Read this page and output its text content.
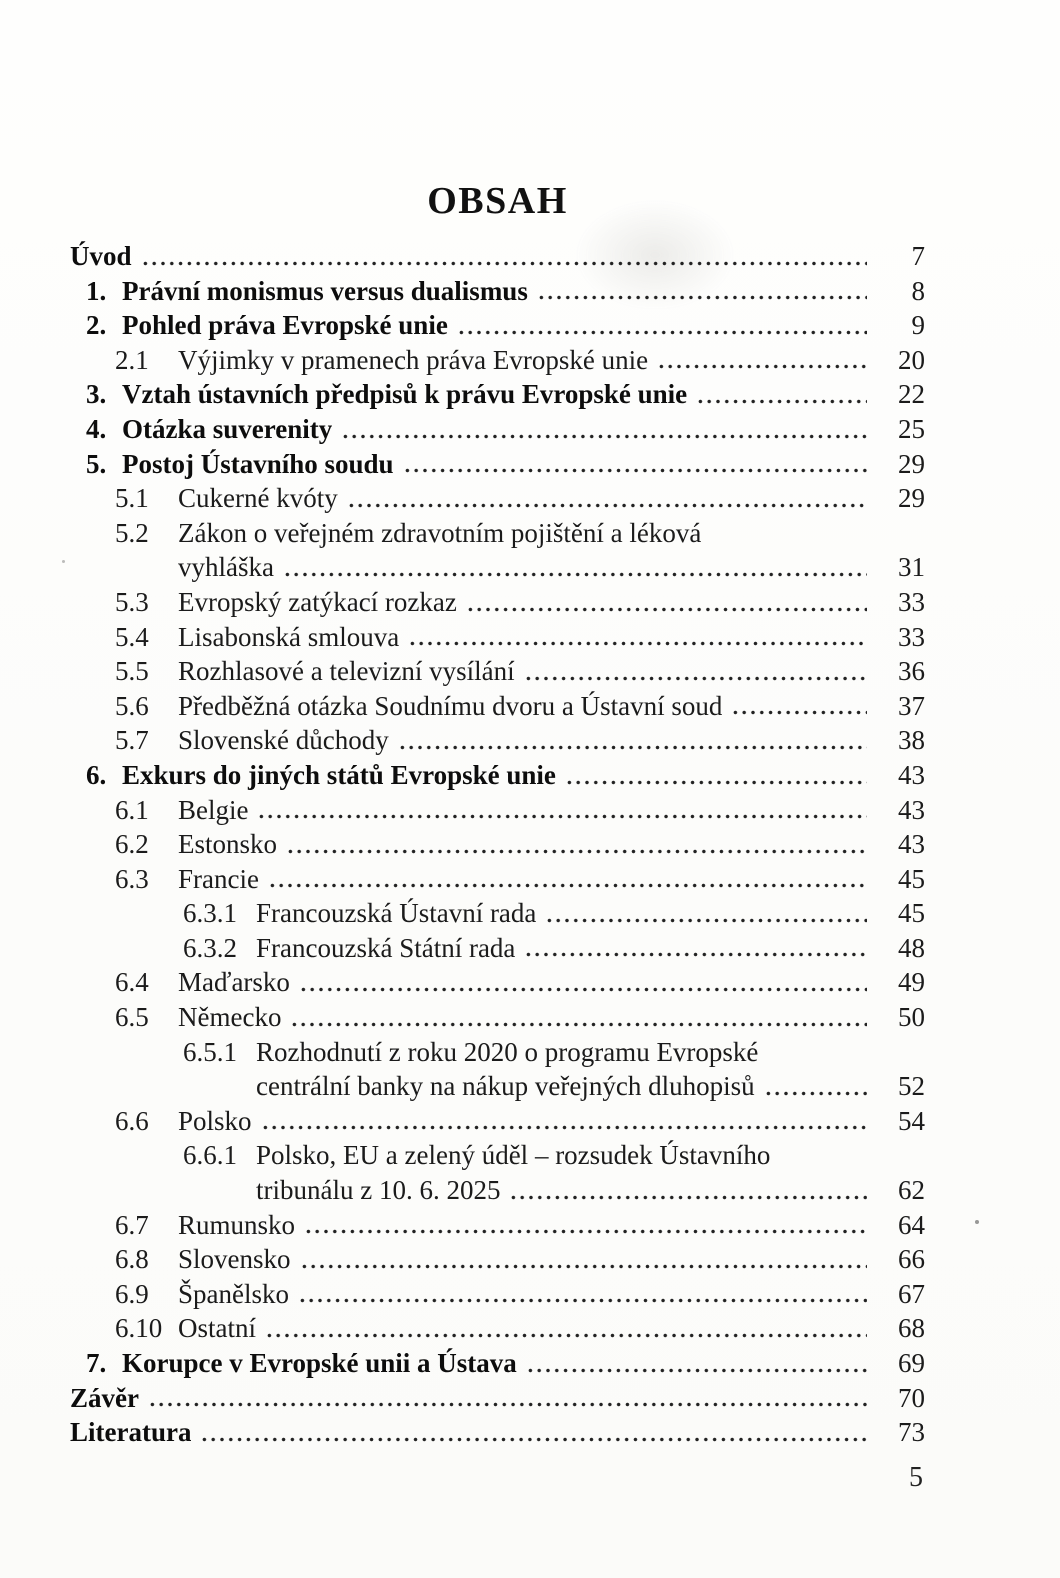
OBSAH
Úvod	7
1. Právní monismus versus dualismus	8
2. Pohled práva Evropské unie	9
2.1	Výjimky v pramenech práva Evropské unie	20
3. Vztah ústavních předpisů k právu Evropské unie	22
4. Otázka suverenity	25
5. Postoj Ústavního soudu	29
5.1	Cukerné kvóty	29
5.2	Zákon o veřejném zdravotním pojištění a léková
vyhláška	31
5.3	Evropský zatýkací rozkaz	33
5.4	Lisabonská smlouva	33
5.5	Rozhlasové a televizní vysílání	36
5.6	Předběžná otázka Soudnímu dvoru a Ústavní soud	37
5.7	Slovenské důchody	38
6. Exkurs do jiných států Evropské unie	43
6.1	Belgie	43
6.2	Estonsko	43
6.3	Francie	45
6.3.1 Francouzská Ústavní rada	45
6.3.2 Francouzská Státní rada	48
6.4	Maďarsko	49
6.5	Německo	50
6.5.1 Rozhodnutí z roku 2020 o programu Evropské
centrální banky na nákup veřejných dluhopisů	52
6.6	Polsko	54
6.6.1 Polsko, EU a zelený úděl – rozsudek Ústavního
tribunálu z 10. 6. 2025	62
6.7	Rumunsko	64
6.8	Slovensko	66
6.9	Španělsko	67
6.10 Ostatní	68
7. Korupce v Evropské unii a Ústava	69
Závěr	70
Literatura	73
5
